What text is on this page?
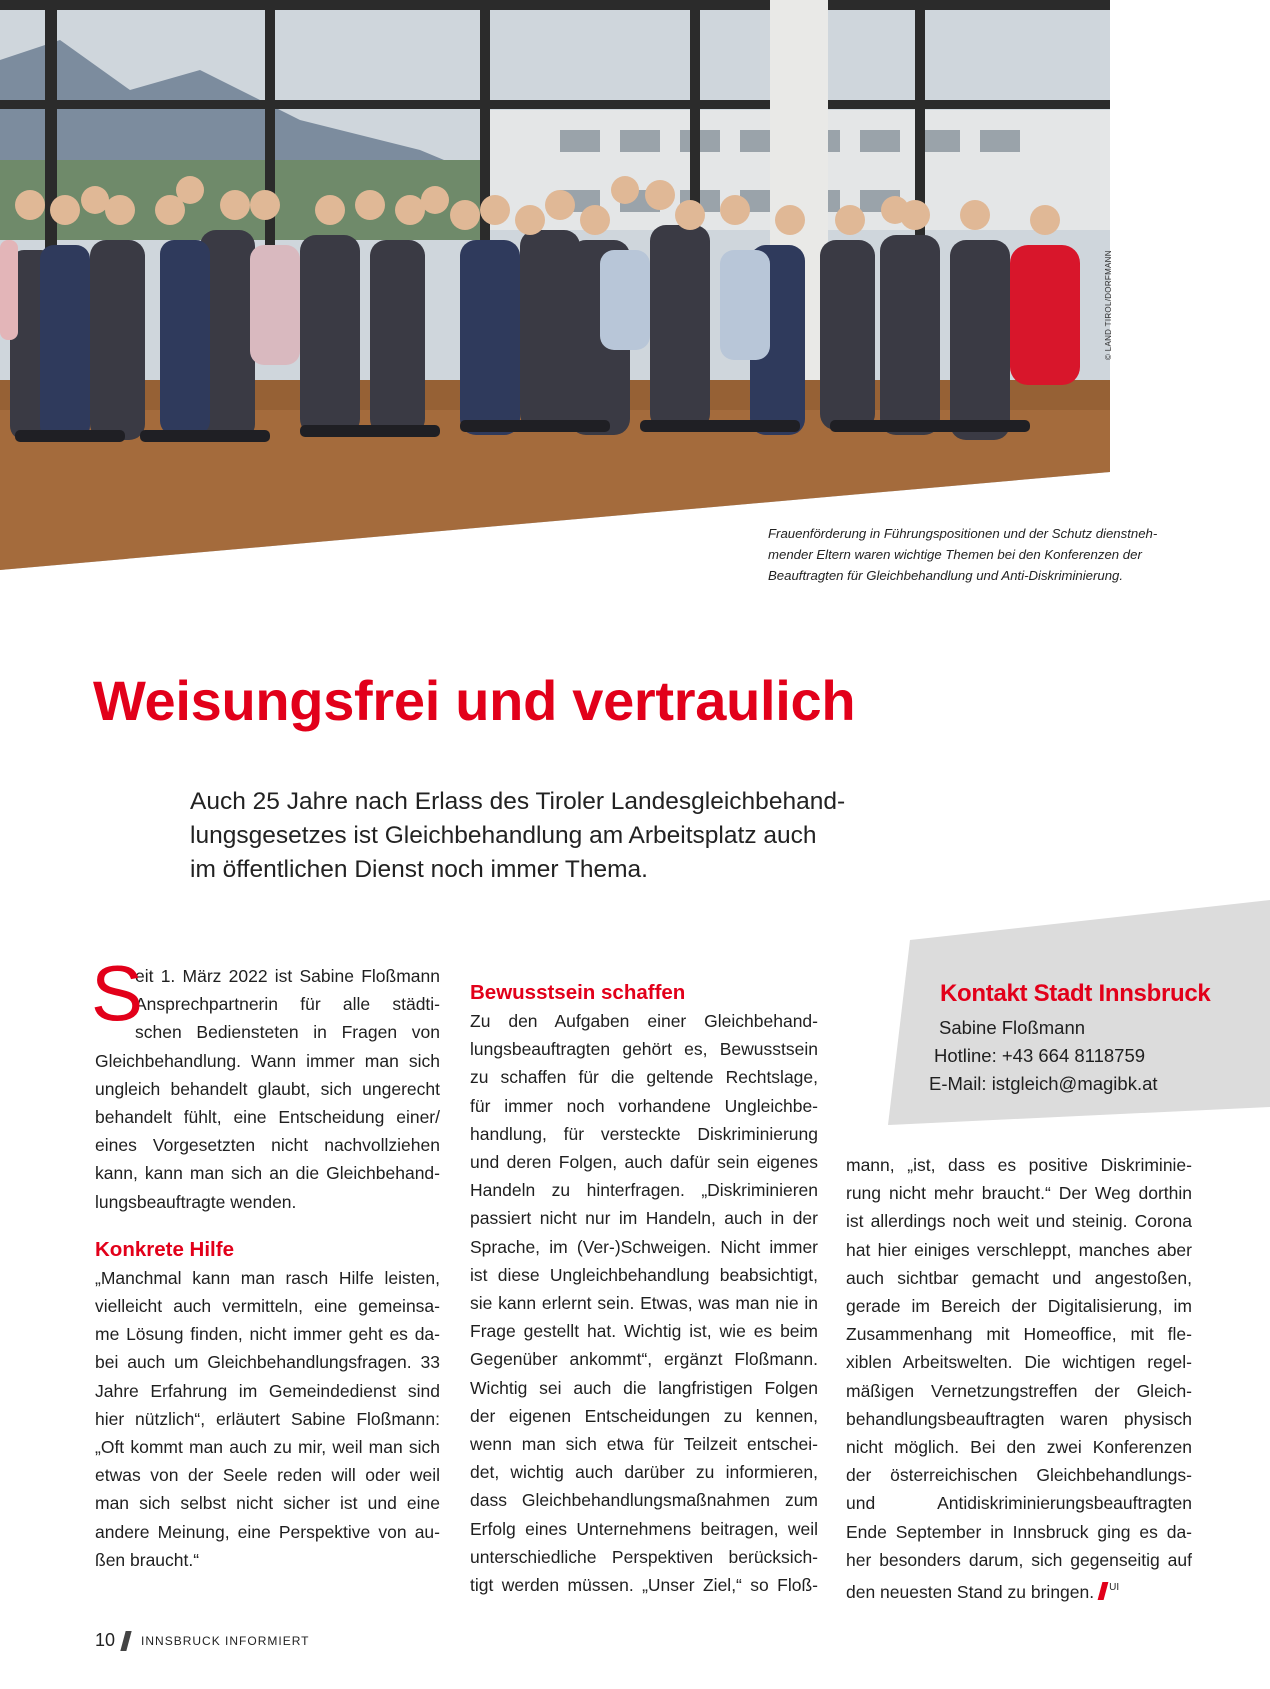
© LAND TIROL/DORFMANN

Frauenförderung in Führungspositionen und der Schutz dienstneh-

mender Eltern waren wichtige Themen bei den Konferenzen der

Beauftragten für Gleichbehandlung und Anti-Diskriminierung.

Weisungsfrei und vertraulich

Auch 25 Jahre nach Erlass des Tiroler Landesgleichbehand-

lungsgesetzes ist Gleichbehandlung am Arbeitsplatz auch

im öffentlichen Dienst noch immer Thema.

Kontakt Stadt Innsbruck
Sabine Floßmann
Hotline: +43 664 8118759
E-Mail: istgleich@magibk.at
S
eit 1. März 2022 ist Sabine Floßmann
Ansprechpartnerin für alle städti-
schen Bediensteten in Fragen von
Gleichbehandlung. Wann immer man sich
ungleich behandelt glaubt, sich ungerecht
behandelt fühlt, eine Entscheidung einer/
eines Vorgesetzten nicht nachvollziehen
kann, kann man sich an die Gleichbehand-
lungsbeauftragte wenden.
Konkrete Hilfe
„Manchmal kann man rasch Hilfe leisten,
vielleicht auch vermitteln, eine gemeinsa-
me Lösung finden, nicht immer geht es da-
bei auch um Gleichbehandlungsfragen. 33
Jahre Erfahrung im Gemeindedienst sind
hier nützlich“, erläutert Sabine Floßmann:
„Oft kommt man auch zu mir, weil man sich
etwas von der Seele reden will oder weil
man sich selbst nicht sicher ist und eine
andere Meinung, eine Perspektive von au-
ßen braucht.“
Bewusstsein schaffen
Zu den Aufgaben einer Gleichbehand-
lungsbeauftragten gehört es, Bewusstsein
zu schaffen für die geltende Rechtslage,
für immer noch vorhandene Ungleichbe-
handlung, für versteckte Diskriminierung
und deren Folgen, auch dafür sein eigenes
Handeln zu hinterfragen. „Diskriminieren
passiert nicht nur im Handeln, auch in der
Sprache, im (Ver-)Schweigen. Nicht immer
ist diese Ungleichbehandlung beabsichtigt,
sie kann erlernt sein. Etwas, was man nie in
Frage gestellt hat. Wichtig ist, wie es beim
Gegenüber ankommt“, ergänzt Floßmann.
Wichtig sei auch die langfristigen Folgen
der eigenen Entscheidungen zu kennen,
wenn man sich etwa für Teilzeit entschei-
det, wichtig auch darüber zu informieren,
dass Gleichbehandlungsmaßnahmen zum
Erfolg eines Unternehmens beitragen, weil
unterschiedliche Perspektiven berücksich-
tigt werden müssen. „Unser Ziel,“ so Floß-
mann, „ist, dass es positive Diskriminie-
rung nicht mehr braucht.“ Der Weg dorthin
ist allerdings noch weit und steinig. Corona
hat hier einiges verschleppt, manches aber
auch sichtbar gemacht und angestoßen,
gerade im Bereich der Digitalisierung, im
Zusammenhang mit Homeoffice, mit fle-
xiblen Arbeitswelten. Die wichtigen regel-
mäßigen Vernetzungstreffen der Gleich-
behandlungsbeauftragten waren physisch
nicht möglich. Bei den zwei Konferenzen
der österreichischen Gleichbehandlungs-
und Antidiskriminierungsbeauftragten
Ende September in Innsbruck ging es da-
her besonders darum, sich gegenseitig auf
den neuesten Stand zu bringen. $^{UI}$
10 INNSBRUCK INFORMIERT
